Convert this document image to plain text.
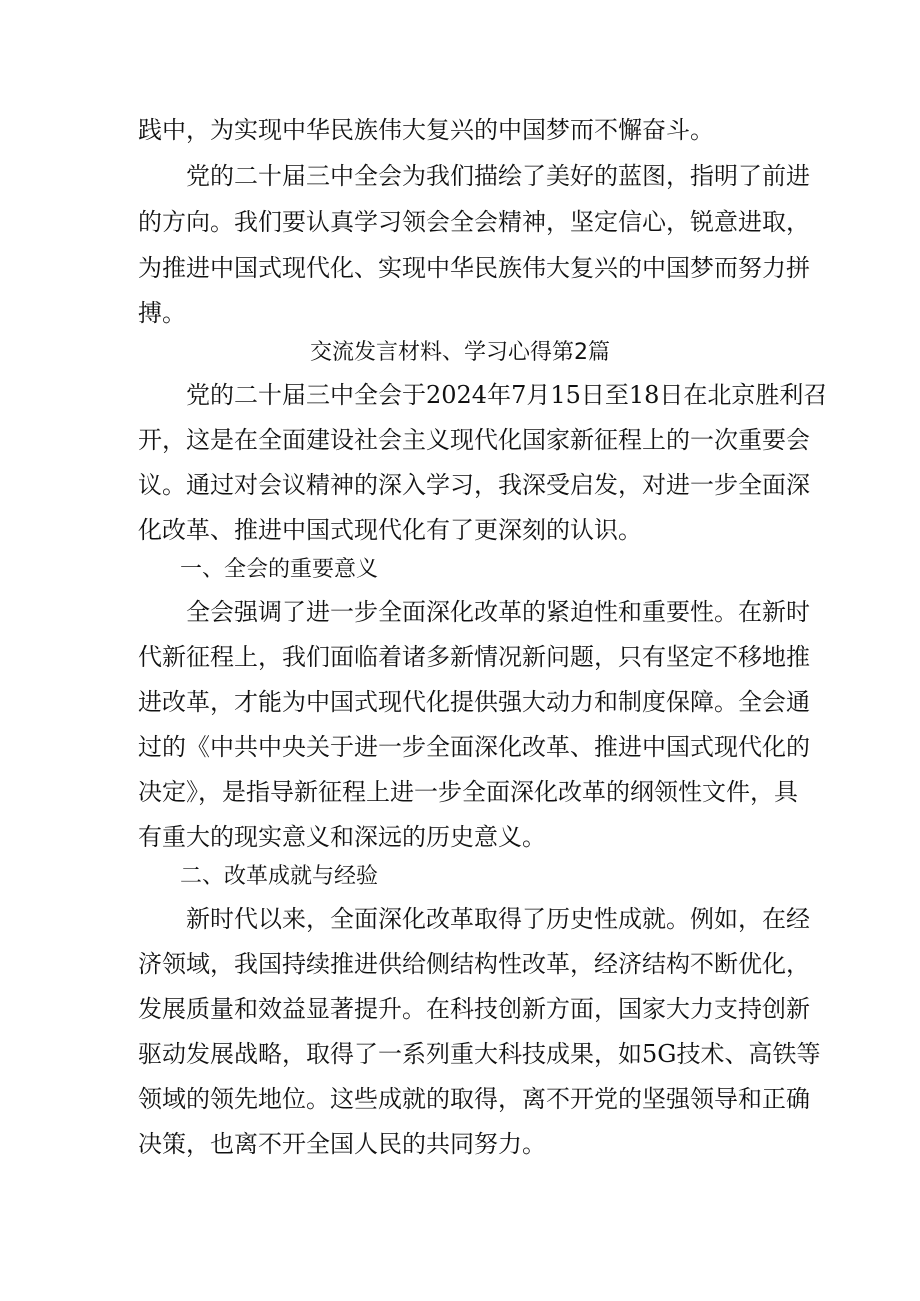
践中，为实现中华民族伟大复兴的中国梦而不懈奋斗。
党的二十届三中全会为我们描绘了美好的蓝图，指明了前进
的方向。我们要认真学习领会全会精神，坚定信心，锐意进取，
为推进中国式现代化、实现中华民族伟大复兴的中国梦而努力拼
搏。
交流发言材料、学习心得第2篇
党的二十届三中全会于2024年7月15日至18日在北京胜利召
开，这是在全面建设社会主义现代化国家新征程上的一次重要会
议。通过对会议精神的深入学习，我深受启发，对进一步全面深
化改革、推进中国式现代化有了更深刻的认识。
一、全会的重要意义
全会强调了进一步全面深化改革的紧迫性和重要性。在新时
代新征程上，我们面临着诸多新情况新问题，只有坚定不移地推
进改革，才能为中国式现代化提供强大动力和制度保障。全会通
过的《中共中央关于进一步全面深化改革、推进中国式现代化的
决定》，是指导新征程上进一步全面深化改革的纲领性文件，具
有重大的现实意义和深远的历史意义。
二、改革成就与经验
新时代以来，全面深化改革取得了历史性成就。例如，在经
济领域，我国持续推进供给侧结构性改革，经济结构不断优化，
发展质量和效益显著提升。在科技创新方面，国家大力支持创新
驱动发展战略，取得了一系列重大科技成果，如5G技术、高铁等
领域的领先地位。这些成就的取得，离不开党的坚强领导和正确
决策，也离不开全国人民的共同努力。
